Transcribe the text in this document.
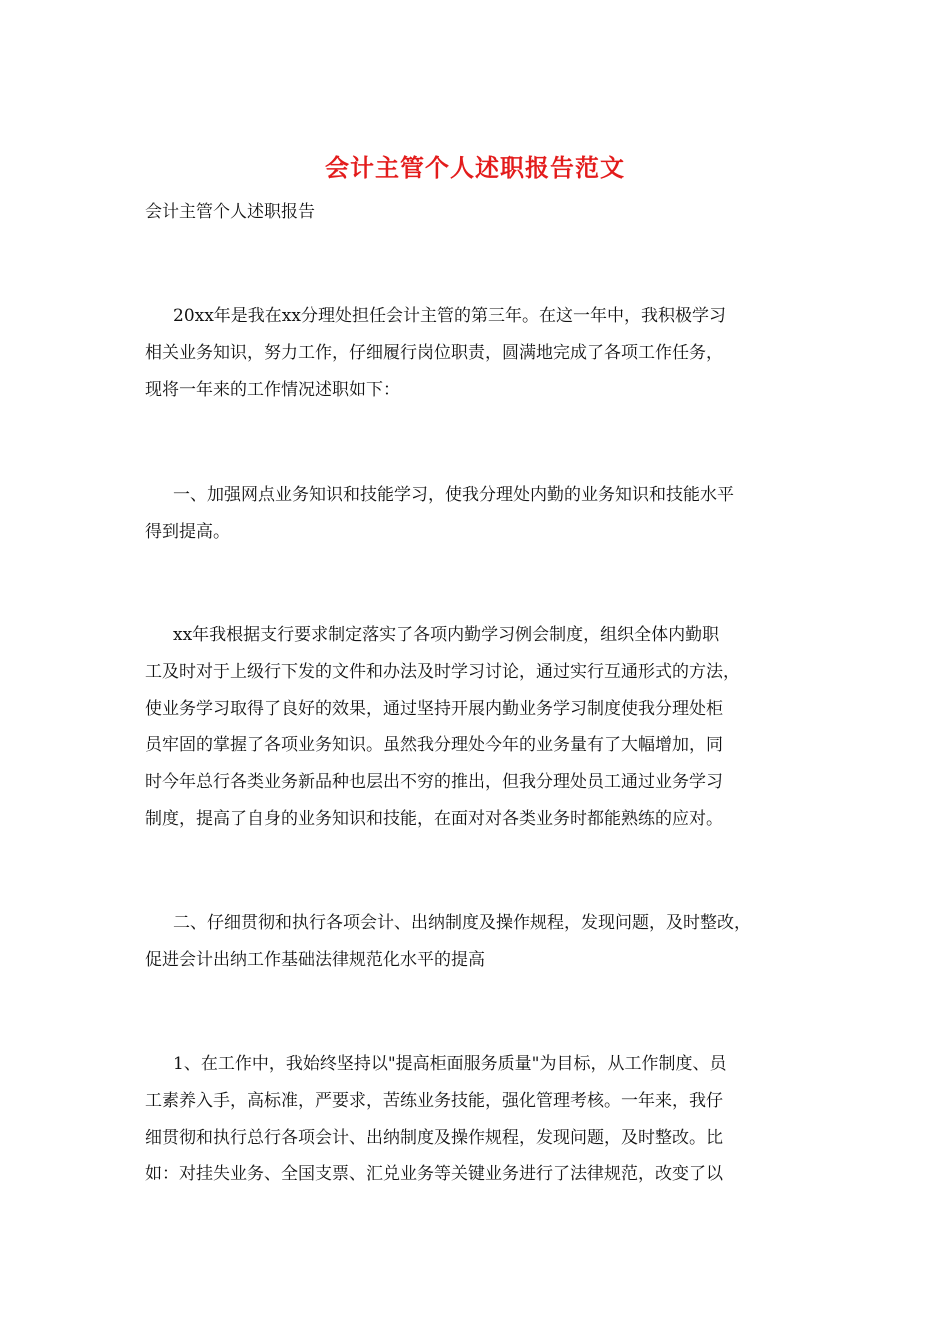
会计主管个人述职报告范文
会计主管个人述职报告
20xx年是我在xx分理处担任会计主管的第三年。在这一年中，我积极学习
相关业务知识，努力工作，仔细履行岗位职责，圆满地完成了各项工作任务，
现将一年来的工作情况述职如下：
一、加强网点业务知识和技能学习，使我分理处内勤的业务知识和技能水平
得到提高。
xx年我根据支行要求制定落实了各项内勤学习例会制度，组织全体内勤职
工及时对于上级行下发的文件和办法及时学习讨论，通过实行互通形式的方法，
使业务学习取得了良好的效果，通过坚持开展内勤业务学习制度使我分理处柜
员牢固的掌握了各项业务知识。虽然我分理处今年的业务量有了大幅增加，同
时今年总行各类业务新品种也层出不穷的推出，但我分理处员工通过业务学习
制度，提高了自身的业务知识和技能，在面对对各类业务时都能熟练的应对。
二、仔细贯彻和执行各项会计、出纳制度及操作规程，发现问题，及时整改，
促进会计出纳工作基础法律规范化水平的提高
1、在工作中，我始终坚持以"提高柜面服务质量"为目标，从工作制度、员
工素养入手，高标准，严要求，苦练业务技能，强化管理考核。一年来，我仔
细贯彻和执行总行各项会计、出纳制度及操作规程，发现问题，及时整改。比
如：对挂失业务、全国支票、汇兑业务等关键业务进行了法律规范，改变了以
